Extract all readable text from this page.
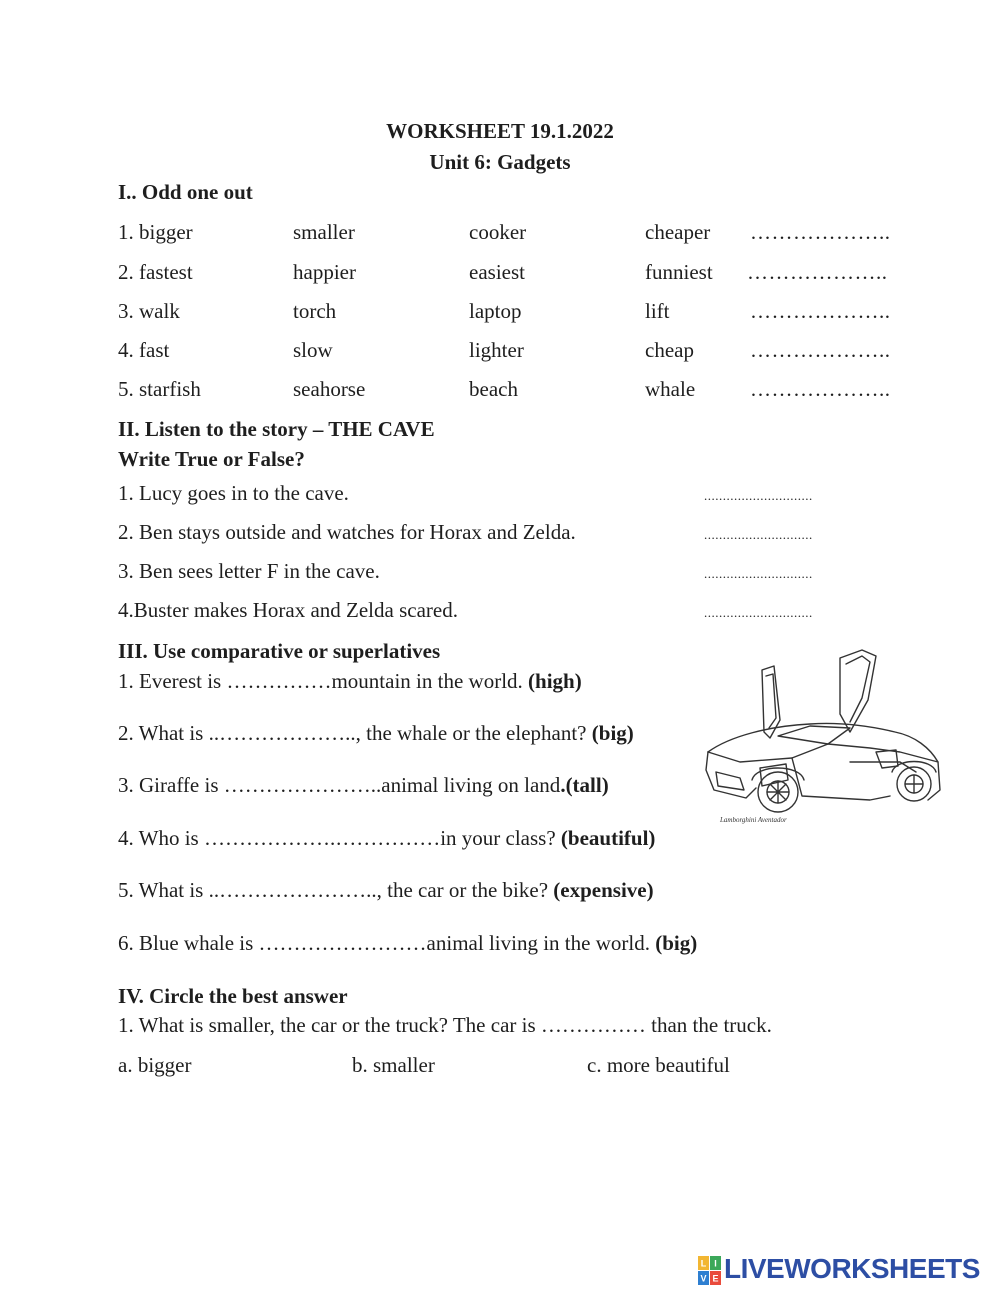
WORKSHEET 19.1.2022
Unit 6: Gadgets
I.. Odd one out
1. bigger	smaller	cooker	cheaper ………………..
2. fastest	happier	easiest	funniest ………………..
3. walk	torch	laptop	lift	………………..
4. fast	slow	lighter	cheap	………………..
5. starfish	seahorse	beach	whale	………………..
II. Listen to the story – THE CAVE
Write True or False?
1. Lucy goes in to the cave.	.............................
2. Ben stays outside and watches for Horax and Zelda.	.............................
3. Ben sees letter F in the cave.	.............................
4.Buster makes Horax and Zelda scared.	.............................
III. Use comparative or superlatives
1. Everest is ……………mountain in the world. (high)
2. What is ..……………….., the whale or the elephant? (big)
3. Giraffe is …………………..animal living on land.(tall)
4. Who is ……………….……………in your class? (beautiful)
5. What is ..………………….., the car or the bike? (expensive)
6. Blue whale is ……………………animal living in the world. (big)
Lamborghini Aventador
IV. Circle the best answer
1. What is smaller, the car or the truck? The car is …………… than the truck.
a. bigger	b. smaller	c. more beautiful
L I
V E LIVEWORKSHEETS
